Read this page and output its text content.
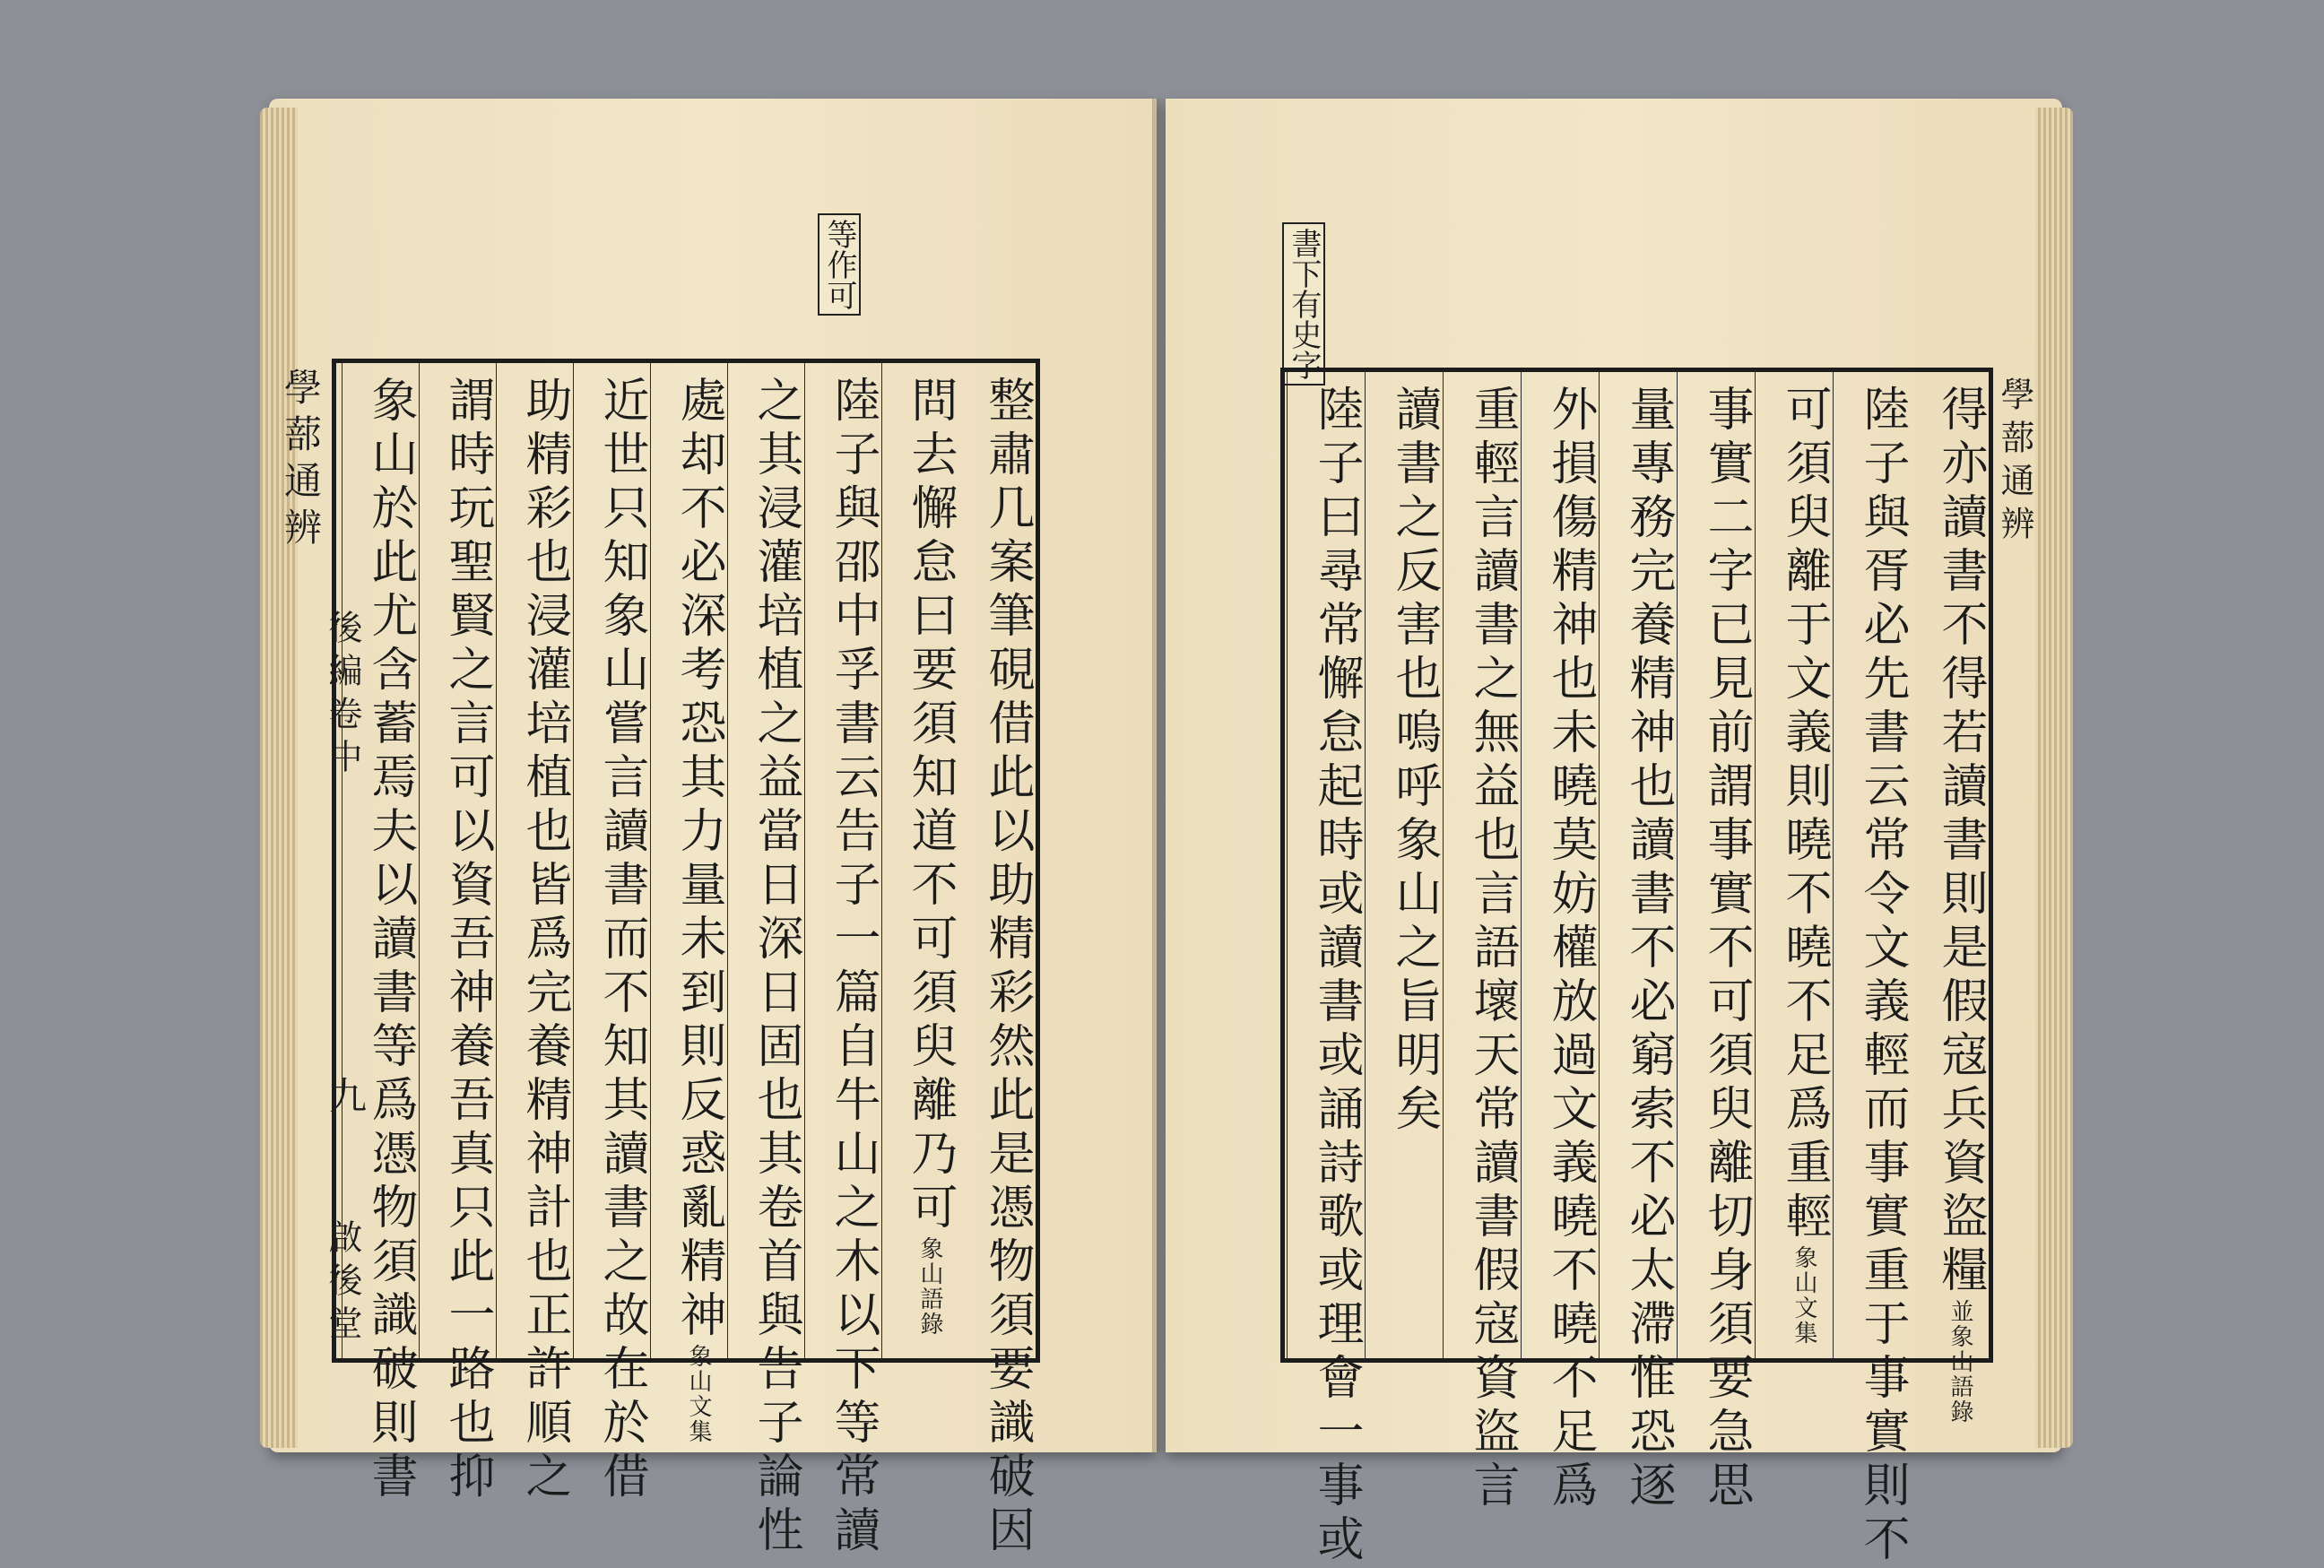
等作可
學蔀通辨
後編卷中
九
啟後堂	整肅几案筆硯借此以助精彩然此是憑物須要識破因
問去懈怠曰要須知道不可須臾離乃可象山語錄
陸子與邵中孚書云告子一篇自牛山之木以下等常讀
之其浸灌培植之益當日深日固也其卷首與告子論性
處却不必深考恐其力量未到則反惑亂精神象山文集
近世只知象山嘗言讀書而不知其讀書之故在於借
助精彩也浸灌培植也皆爲完養精神計也正許順之
謂時玩聖賢之言可以資吾神養吾真只此一路也抑
象山於此尤含蓄焉夫以讀書等爲憑物須識破則書
書下有史字
學蔀通辨
得亦讀書不得若讀書則是假寇兵資盜糧並象山語錄
陸子與胥必先書云常令文義輕而事實重于事實則不
可須臾離于文義則曉不曉不足爲重輕象山文集
事實二字已見前謂事實不可須臾離切身須要急思
量專務完養精神也讀書不必窮索不必太滯惟恐逐
外損傷精神也未曉莫妨權放過文義曉不曉不足爲
重輕言讀書之無益也言語壞天常讀書假寇資盜言
讀書之反害也嗚呼象山之旨明矣
陸子曰尋常懈怠起時或讀書或誦詩歌或理會一事或
